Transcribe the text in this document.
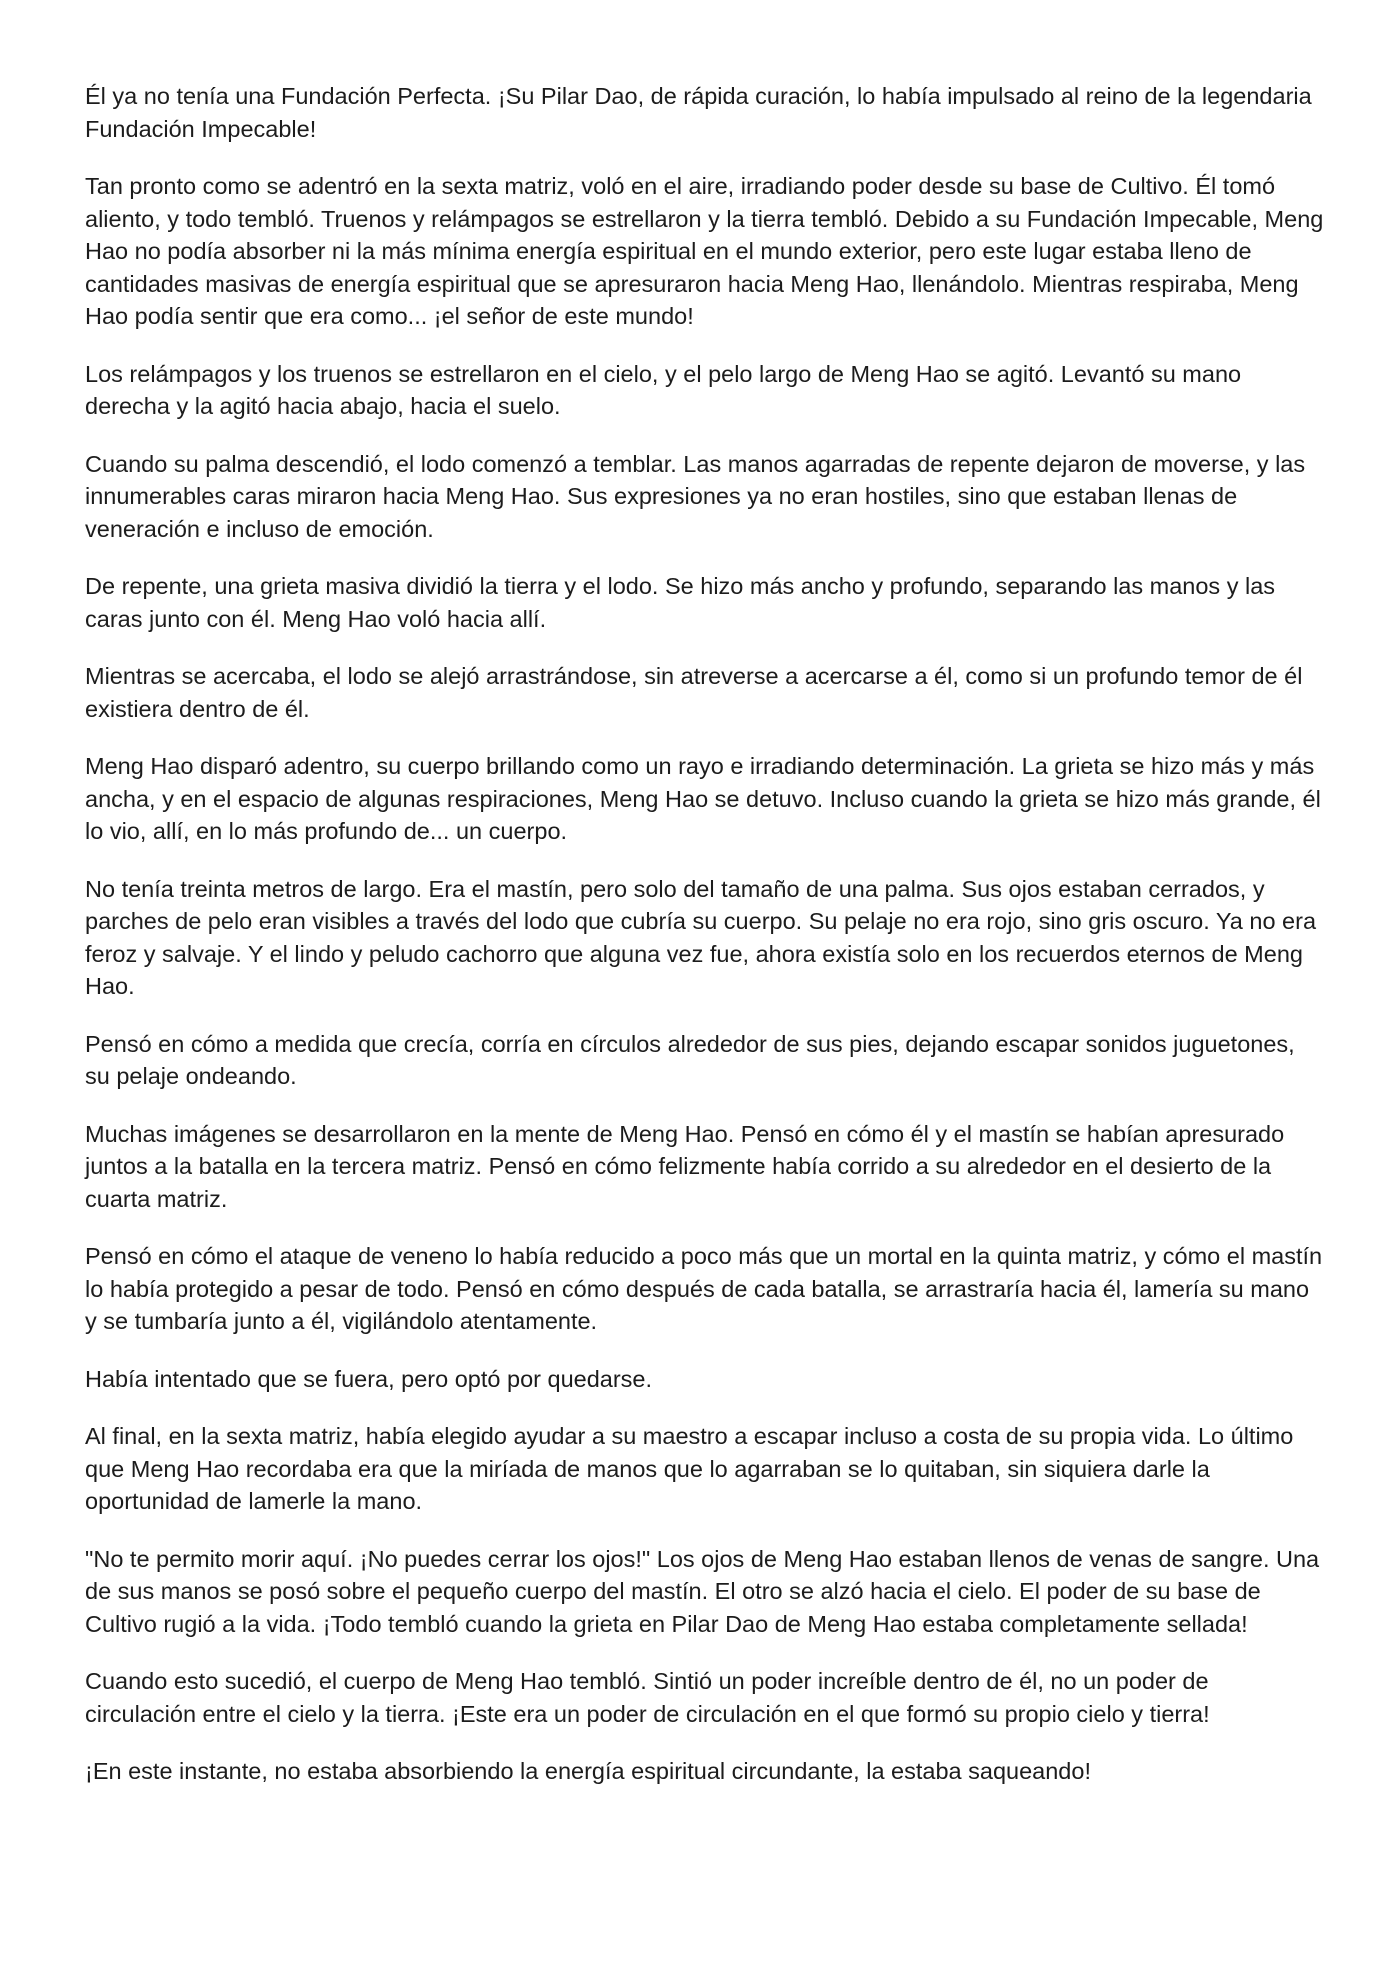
Él ya no tenía una Fundación Perfecta. ¡Su Pilar Dao, de rápida curación, lo había impulsado al reino de la legendaria Fundación Impecable!

Tan pronto como se adentró en la sexta matriz, voló en el aire, irradiando poder desde su base de Cultivo. Él tomó aliento, y todo tembló. Truenos y relámpagos se estrellaron y la tierra tembló. Debido a su Fundación Impecable, Meng Hao no podía absorber ni la más mínima energía espiritual en el mundo exterior, pero este lugar estaba lleno de cantidades masivas de energía espiritual que se apresuraron hacia Meng Hao, llenándolo. Mientras respiraba, Meng Hao podía sentir que era como... ¡el señor de este mundo!

Los relámpagos y los truenos se estrellaron en el cielo, y el pelo largo de Meng Hao se agitó. Levantó su mano derecha y la agitó hacia abajo, hacia el suelo.

Cuando su palma descendió, el lodo comenzó a temblar. Las manos agarradas de repente dejaron de moverse, y las innumerables caras miraron hacia Meng Hao. Sus expresiones ya no eran hostiles, sino que estaban llenas de veneración e incluso de emoción.

De repente, una grieta masiva dividió la tierra y el lodo. Se hizo más ancho y profundo, separando las manos y las caras junto con él. Meng Hao voló hacia allí.

Mientras se acercaba, el lodo se alejó arrastrándose, sin atreverse a acercarse a él, como si un profundo temor de él existiera dentro de él.

Meng Hao disparó adentro, su cuerpo brillando como un rayo e irradiando determinación. La grieta se hizo más y más ancha, y en el espacio de algunas respiraciones, Meng Hao se detuvo. Incluso cuando la grieta se hizo más grande, él lo vio, allí, en lo más profundo de... un cuerpo.

No tenía treinta metros de largo. Era el mastín, pero solo del tamaño de una palma. Sus ojos estaban cerrados, y parches de pelo eran visibles a través del lodo que cubría su cuerpo. Su pelaje no era rojo, sino gris oscuro. Ya no era feroz y salvaje. Y el lindo y peludo cachorro que alguna vez fue, ahora existía solo en los recuerdos eternos de Meng Hao.

Pensó en cómo a medida que crecía, corría en círculos alrededor de sus pies, dejando escapar sonidos juguetones, su pelaje ondeando.

Muchas imágenes se desarrollaron en la mente de Meng Hao. Pensó en cómo él y el mastín se habían apresurado juntos a la batalla en la tercera matriz. Pensó en cómo felizmente había corrido a su alrededor en el desierto de la cuarta matriz.

Pensó en cómo el ataque de veneno lo había reducido a poco más que un mortal en la quinta matriz, y cómo el mastín lo había protegido a pesar de todo. Pensó en cómo después de cada batalla, se arrastraría hacia él, lamería su mano y se tumbaría junto a él, vigilándolo atentamente.

Había intentado que se fuera, pero optó por quedarse.

Al final, en la sexta matriz, había elegido ayudar a su maestro a escapar incluso a costa de su propia vida. Lo último que Meng Hao recordaba era que la miríada de manos que lo agarraban se lo quitaban, sin siquiera darle la oportunidad de lamerle la mano.

"No te permito morir aquí. ¡No puedes cerrar los ojos!" Los ojos de Meng Hao estaban llenos de venas de sangre. Una de sus manos se posó sobre el pequeño cuerpo del mastín. El otro se alzó hacia el cielo. El poder de su base de Cultivo rugió a la vida. ¡Todo tembló cuando la grieta en Pilar Dao de Meng Hao estaba completamente sellada!

Cuando esto sucedió, el cuerpo de Meng Hao tembló. Sintió un poder increíble dentro de él, no un poder de circulación entre el cielo y la tierra. ¡Este era un poder de circulación en el que formó su propio cielo y tierra!

¡En este instante, no estaba absorbiendo la energía espiritual circundante, la estaba saqueando!
